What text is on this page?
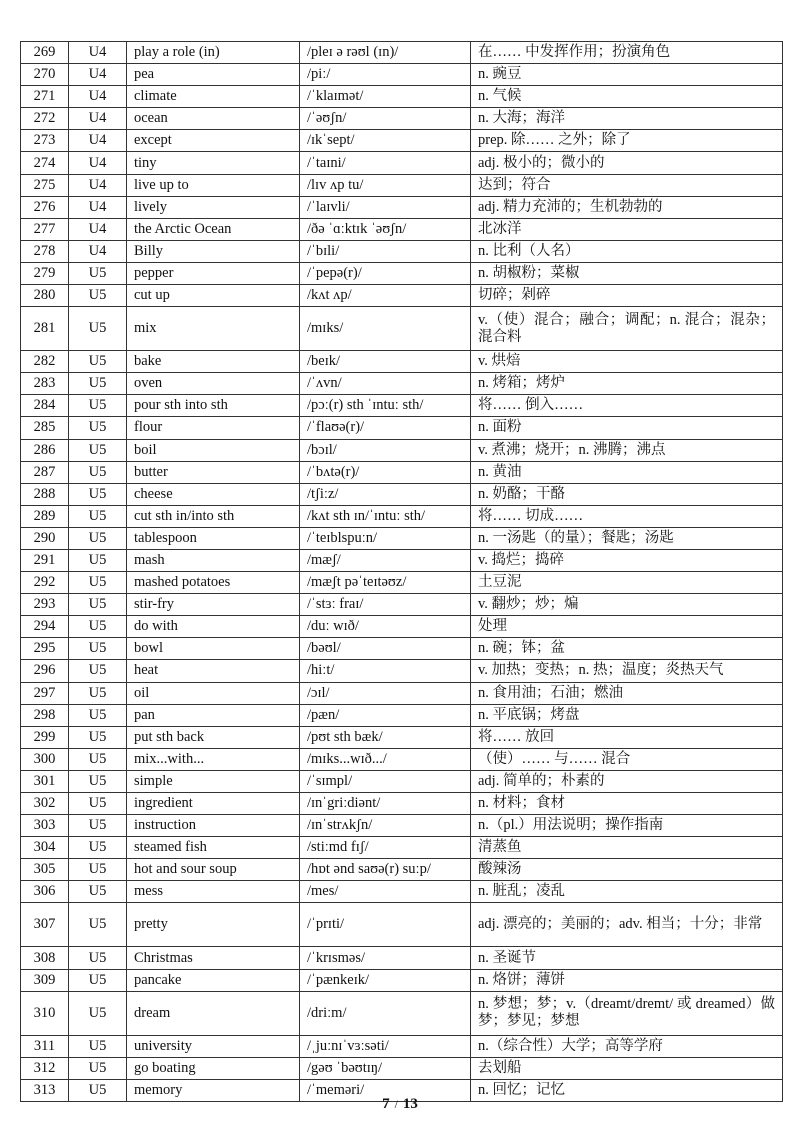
269	U4	play a role (in)	/pleɪ ə rəʊl (ɪn)/	在…… 中发挥作用；扮演角色
270	U4	pea	/piː/	n. 豌豆
271	U4	climate	/ˈklaɪmət/	n. 气候
272	U4	ocean	/ˈəʊʃn/	n. 大海；海洋
273	U4	except	/ɪkˈsept/	prep. 除…… 之外；除了
274	U4	tiny	/ˈtaɪni/	adj. 极小的；微小的
275	U4	live up to	/lɪv ʌp tu/	达到；符合
276	U4	lively	/ˈlaɪvli/	adj. 精力充沛的；生机勃勃的
277	U4	the Arctic Ocean	/ðə ˈɑːktɪk ˈəʊʃn/	北冰洋
278	U4	Billy	/ˈbɪli/	n. 比利（人名）
279	U5	pepper	/ˈpepə(r)/	n. 胡椒粉；菜椒
280	U5	cut up	/kʌt ʌp/	切碎；剁碎
281	U5	mix	/mɪks/	v.（使）混合；融合；调配；n. 混合；混杂；混合料
282	U5	bake	/beɪk/	v. 烘焙
283	U5	oven	/ˈʌvn/	n. 烤箱；烤炉
284	U5	pour sth into sth	/pɔː(r) sth ˈɪntuː sth/	将…… 倒入……
285	U5	flour	/ˈflaʊə(r)/	n. 面粉
286	U5	boil	/bɔɪl/	v. 煮沸；烧开；n. 沸腾；沸点
287	U5	butter	/ˈbʌtə(r)/	n. 黄油
288	U5	cheese	/tʃiːz/	n. 奶酪；干酪
289	U5	cut sth in/into sth	/kʌt sth ɪn/ˈɪntuː sth/	将…… 切成……
290	U5	tablespoon	/ˈteɪblspuːn/	n. 一汤匙（的量）；餐匙；汤匙
291	U5	mash	/mæʃ/	v. 捣烂；捣碎
292	U5	mashed potatoes	/mæʃt pəˈteɪtəʊz/	土豆泥
293	U5	stir-fry	/ˈstɜː fraɪ/	v. 翻炒；炒；煸
294	U5	do with	/duː wɪð/	处理
295	U5	bowl	/bəʊl/	n. 碗；钵；盆
296	U5	heat	/hiːt/	v. 加热；变热；n. 热；温度；炎热天气
297	U5	oil	/ɔɪl/	n. 食用油；石油；燃油
298	U5	pan	/pæn/	n. 平底锅；烤盘
299	U5	put sth back	/pʊt sth bæk/	将…… 放回
300	U5	mix...with...	/mɪks...wɪð.../	（使）…… 与…… 混合
301	U5	simple	/ˈsɪmpl/	adj. 简单的；朴素的
302	U5	ingredient	/ɪnˈgriːdiənt/	n. 材料；食材
303	U5	instruction	/ɪnˈstrʌkʃn/	n.（pl.）用法说明；操作指南
304	U5	steamed fish	/stiːmd fɪʃ/	清蒸鱼
305	U5	hot and sour soup	/hɒt ənd saʊə(r) suːp/	酸辣汤
306	U5	mess	/mes/	n. 脏乱；凌乱
307	U5	pretty	/ˈprɪti/	adj. 漂亮的；美丽的；adv. 相当；十分；非常
308	U5	Christmas	/ˈkrɪsməs/	n. 圣诞节
309	U5	pancake	/ˈpænkeɪk/	n. 烙饼；薄饼
310	U5	dream	/driːm/	n. 梦想；梦；v.（dreamt/dremt/ 或 dreamed）做梦；梦见；梦想
311	U5	university	/ˌjuːnɪˈvɜːsəti/	n.（综合性）大学；高等学府
312	U5	go boating	/gəʊ ˈbəʊtɪŋ/	去划船
313	U5	memory	/ˈmeməri/	n. 回忆；记忆
7 / 13
